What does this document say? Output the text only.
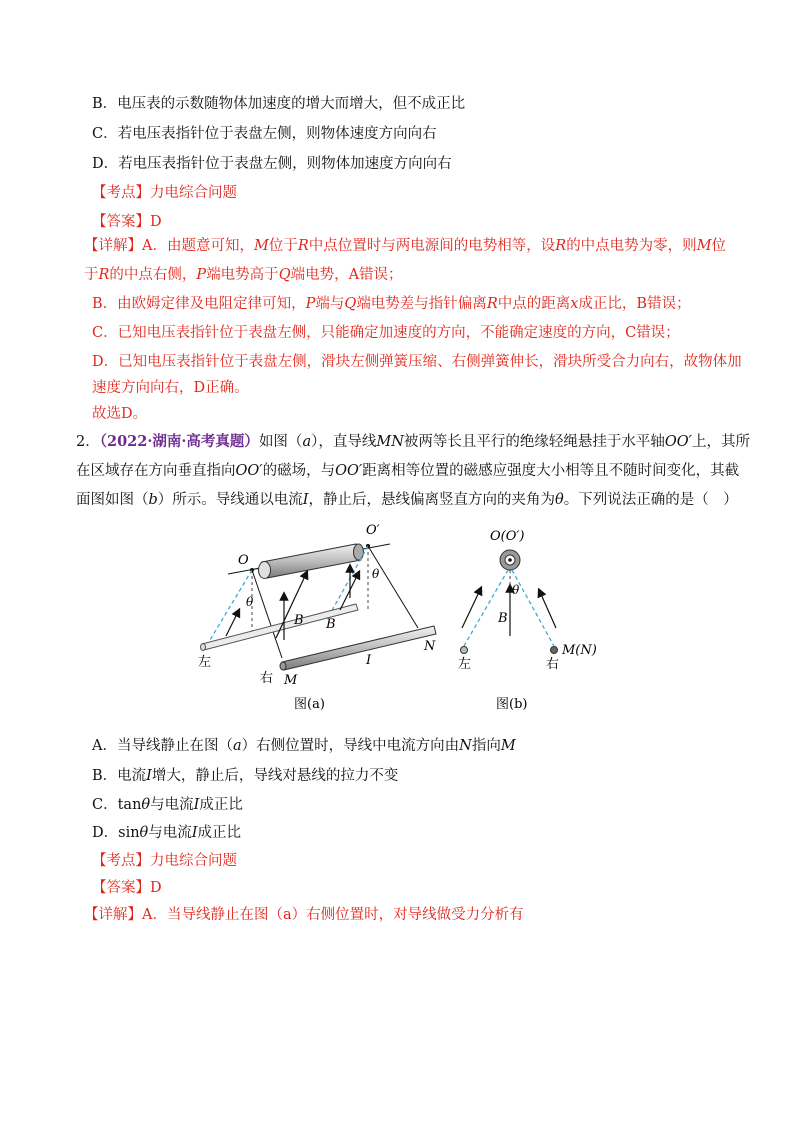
B．电压表的示数随物体加速度的增大而增大，但不成正比
C．若电压表指针位于表盘左侧，则物体速度方向向右
D．若电压表指针位于表盘左侧，则物体加速度方向向右
【考点】力电综合问题
【答案】D
【详解】A．由题意可知，M位于R中点位置时与两电源间的电势相等，设R的中点电势为零，则M位
于R的中点右侧，P端电势高于Q端电势，A错误；
B．由欧姆定律及电阻定律可知，P端与Q端电势差与指针偏离R中点的距离x成正比，B错误；
C．已知电压表指针位于表盘左侧，只能确定加速度的方向，不能确定速度的方向，C错误；
D．已知电压表指针位于表盘左侧，滑块左侧弹簧压缩、右侧弹簧伸长，滑块所受合力向右，故物体加
速度方向向右，D正确。
故选D。
2．（2022·湖南·高考真题）如图（a），直导线MN被两等长且平行的绝缘轻绳悬挂于水平轴OO′上，其所
在区域存在方向垂直指向OO′的磁场，与OO′距离相等位置的磁感应强度大小相等且不随时间变化，其截
面图如图（b）所示。导线通以电流I，静止后，悬线偏离竖直方向的夹角为θ。下列说法正确的是（　）
O
O′
θ
θ
B B
左
右 M
N
I
图(a)
O(O′)
θ
B
左	右
M(N)
图(b)
A．当导线静止在图（a）右侧位置时，导线中电流方向由N指向M
B．电流I增大，静止后，导线对悬线的拉力不变
C．tanθ与电流I成正比
D．sinθ与电流I成正比
【考点】力电综合问题
【答案】D
【详解】A．当导线静止在图（a）右侧位置时，对导线做受力分析有
